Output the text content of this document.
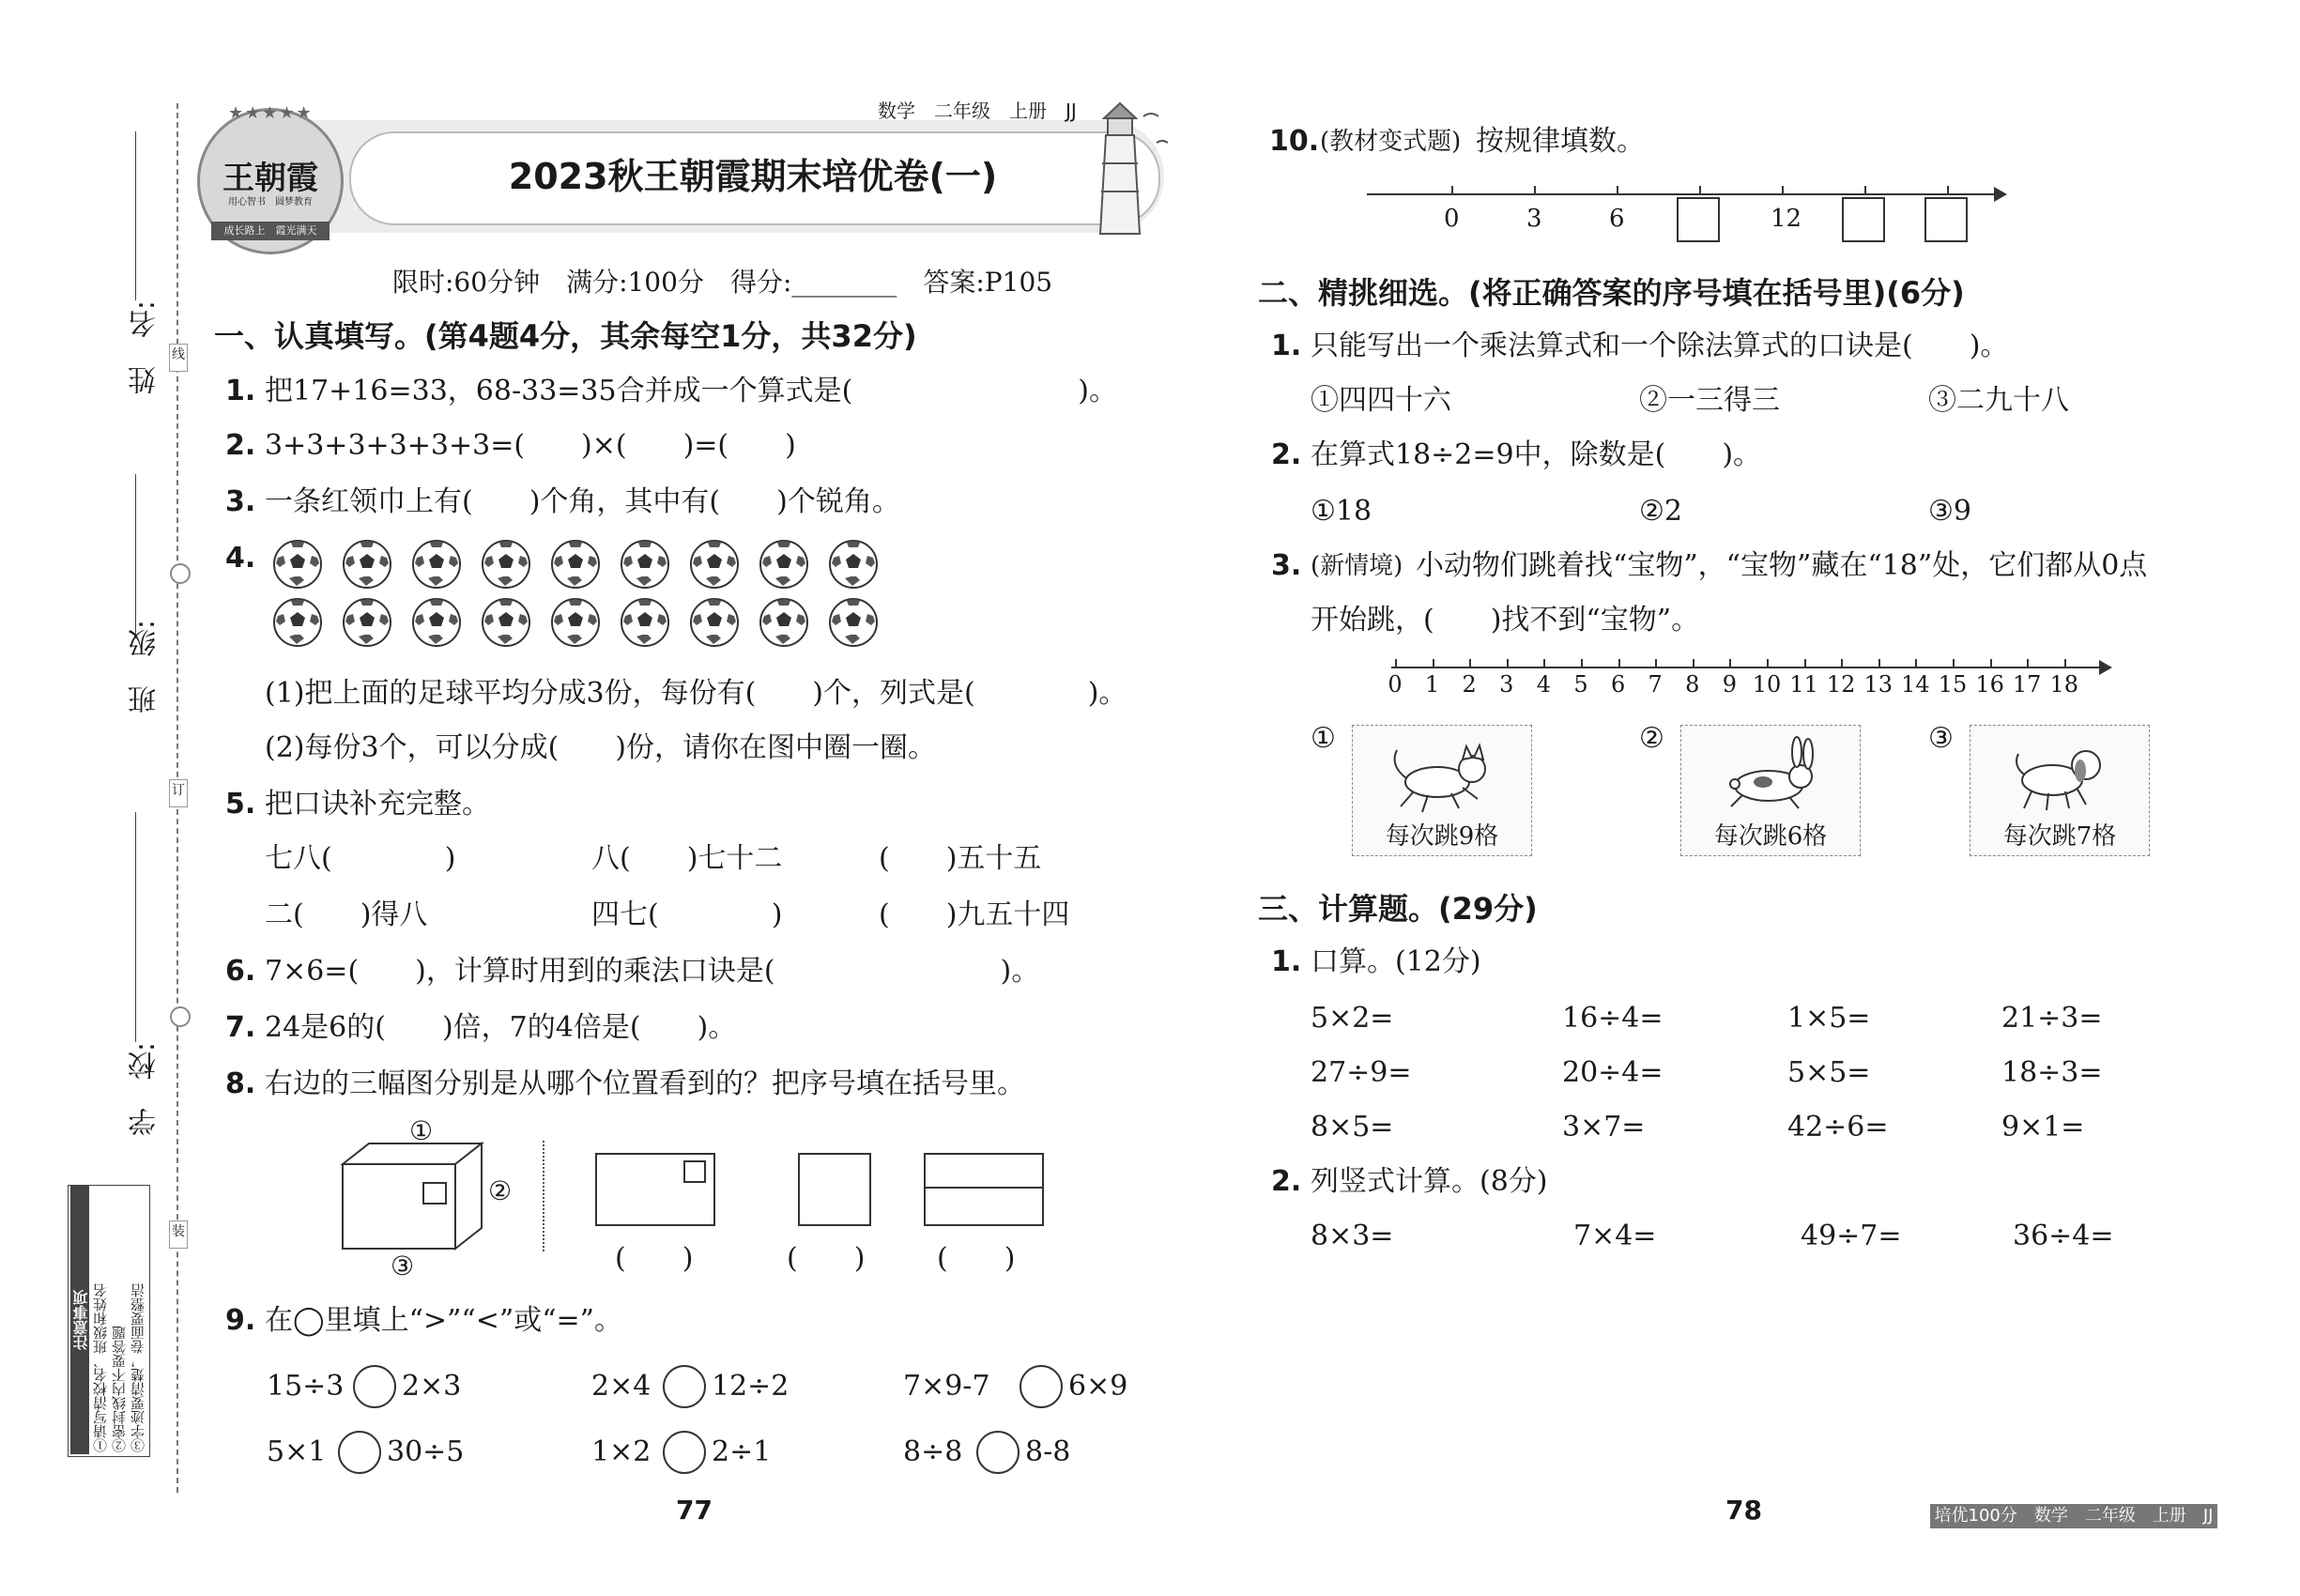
姓　名:
班　级:
学　校:
线
订
装
注意事项 ①请写清校名、班级和姓名 ②密封线内不要答题 ③字迹要清楚，卷面要整洁
2023秋王朝霞期末培优卷(一)
数学　二年级　上册　JJ
★★★★★
王朝霞
用心智书　圆梦教育
成长路上　霞光满天
限时:60分钟　满分:100分　得分:________　答案:P105
一、认真填写。(第4题4分，其余每空1分，共32分)
1. 把17+16=33，68-33=35合并成一个算式是(　　　　　　　　)。
2. 3+3+3+3+3+3=(　　)×(　　)=(　　)
3. 一条红领巾上有(　　)个角，其中有(　　)个锐角。
4.
(1)把上面的足球平均分成3份，每份有(　　)个，列式是(　　　　)。
(2)每份3个，可以分成(　　)份，请你在图中圈一圈。
5. 把口诀补充完整。
七八(　　　　)	八(　　)七十二	(　　)五十五
二(　　)得八	四七(　　　　)	(　　)九五十四
6. 7×6=(　　)，计算时用到的乘法口诀是(　　　　　　　　)。
7. 24是6的(　　)倍，7的4倍是(　　)。
8. 右边的三幅图分别是从哪个位置看到的？把序号填在括号里。
①
②
③	(　　)	(　　)	(　　)
9. 在◯里填上“>”“<”或“=”。
15÷3 2×3	2×4 12÷2	7×9-7	6×9
5×1 30÷5	1×2 2÷1	8÷8 8-8
77
10. (教材变式题) 按规律填数。
0	3	6	12
二、精挑细选。(将正确答案的序号填在括号里)(6分)
1. 只能写出一个乘法算式和一个除法算式的口诀是(　　)。
①四四十六	②一三得三	③二九十八
2. 在算式18÷2=9中，除数是(　　)。
①18	②2	③9
3. (新情境) 小动物们跳着找“宝物”，“宝物”藏在“18”处，它们都从0点
开始跳，(　　)找不到“宝物”。
0	1	2	3	4	5	6	7	8	9 10 11 12 13 14 15 16 17 18
①
每次跳9格
②
每次跳6格
③
每次跳7格
三、计算题。(29分)
1. 口算。(12分)
5×2=	16÷4=	1×5=	21÷3=
27÷9=	20÷4=	5×5=	18÷3=
8×5=	3×7=	42÷6=	9×1=
2. 列竖式计算。(8分)
8×3=	7×4=	49÷7=	36÷4=
78	培优100分　数学　二年级　上册　JJ
